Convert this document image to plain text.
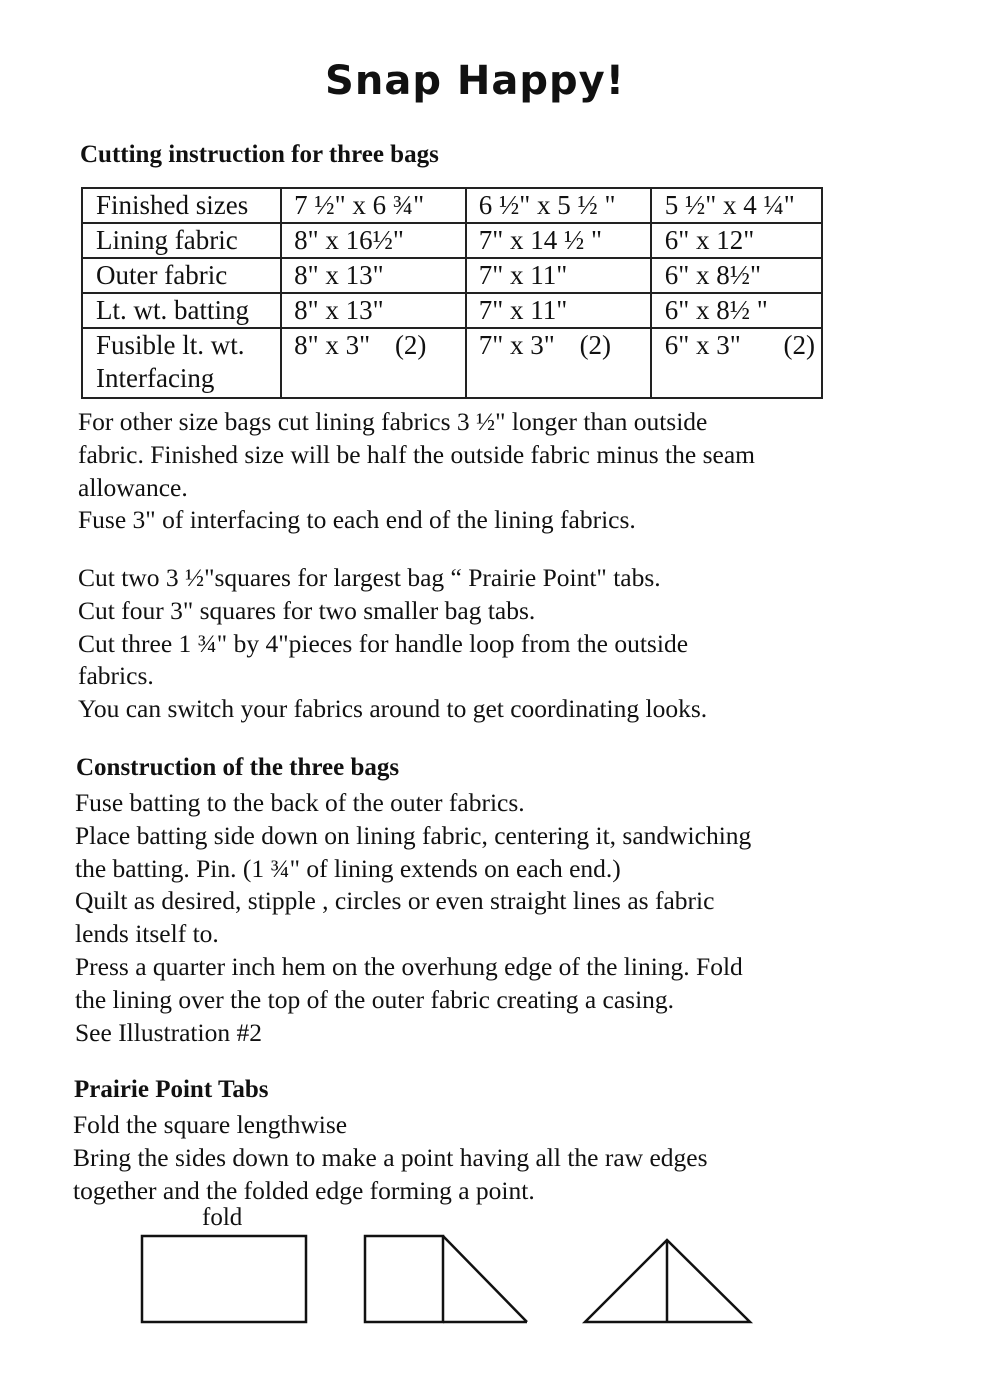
Snap Happy!
Cutting instruction for three bags
Finished sizes	7 ½" x 6 ¾"	6 ½" x 5 ½ "	5 ½" x 4 ¼"
Lining fabric	8" x 16½"	7" x 14 ½ "	6" x 12"
Outer fabric	8" x 13"	7" x 11"	6" x 8½"
Lt. wt. batting	8" x 13"	7" x 11"	6" x 8½ "

Fusible lt. wt.
Interfacing	8" x 3" (2)	7" x 3" (2)	6" x 3" (2)
For other size bags cut lining fabrics 3 ½" longer than outside
fabric. Finished size will be half the outside fabric minus the seam
allowance.
Fuse 3" of interfacing to each end of the lining fabrics.
Cut two 3 ½"squares for largest bag “ Prairie Point" tabs.
Cut four 3" squares for two smaller bag tabs.
Cut three 1 ¾" by 4"pieces for handle loop from the outside
fabrics.
You can switch your fabrics around to get coordinating looks.
Construction of the three bags
Fuse batting to the back of the outer fabrics.
Place batting side down on lining fabric, centering it, sandwiching
the batting. Pin. (1 ¾" of lining extends on each end.)
Quilt as desired, stipple , circles or even straight lines as fabric
lends itself to.
Press a quarter inch hem on the overhung edge of the lining. Fold
the lining over the top of the outer fabric creating a casing.
See Illustration #2
Prairie Point Tabs
Fold the square lengthwise
Bring the sides down to make a point having all the raw edges
together and the folded edge forming a point.
fold
